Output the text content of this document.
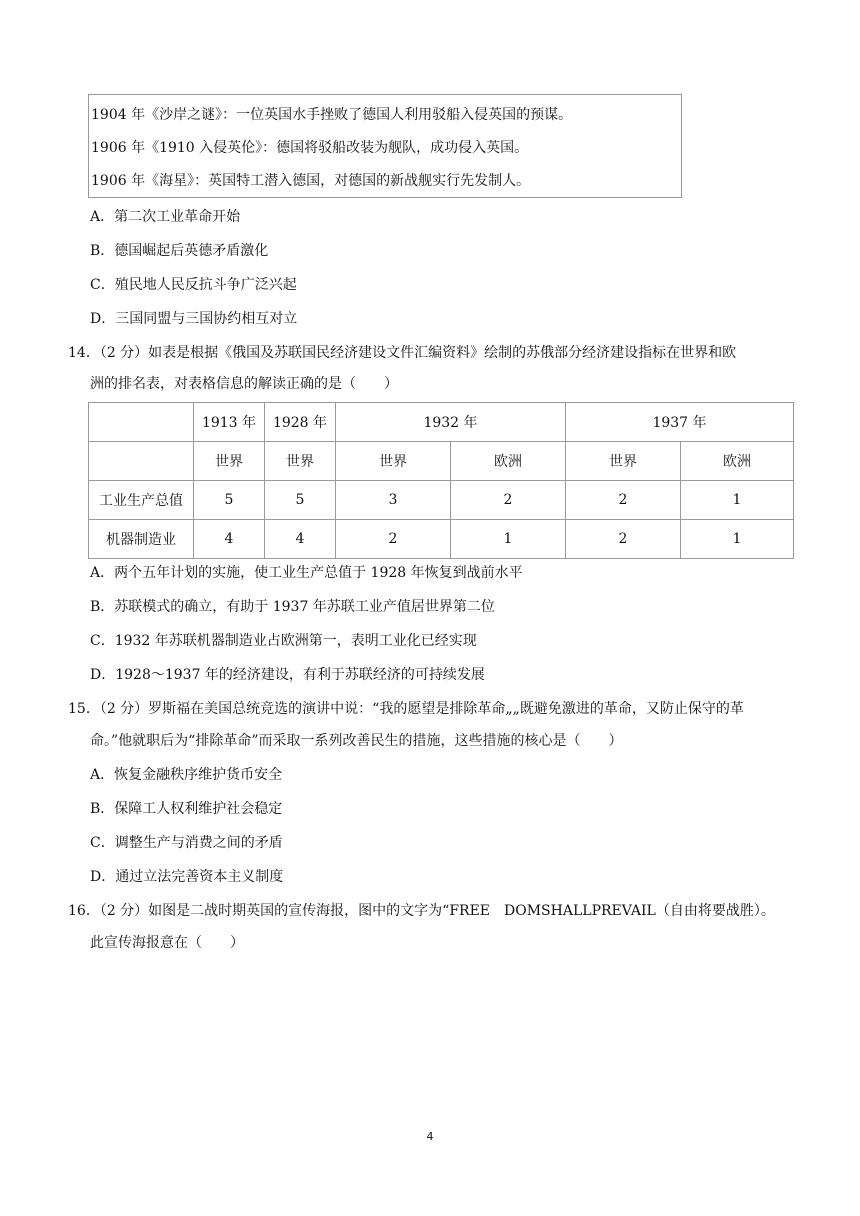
1904 年《沙岸之谜》：一位英国水手挫败了德国人利用驳船入侵英国的预谋。
1906 年《1910 入侵英伦》：德国将驳船改装为舰队，成功侵入英国。
1906 年《海星》：英国特工潜入德国，对德国的新战舰实行先发制人。
A．第二次工业革命开始
B．德国崛起后英德矛盾激化
C．殖民地人民反抗斗争广泛兴起
D．三国同盟与三国协约相互对立
14．（2 分）如表是根据《俄国及苏联国民经济建设文件汇编资料》绘制的苏俄部分经济建设指标在世界和欧
洲的排名表，对表格信息的解读正确的是（　　）
	1913 年	1928 年	1932 年		1937 年	
	世界	世界	世界	欧洲	世界	欧洲
工业生产总值	5	5	3	2	2	1
机器制造业	4	4	2	1	2	1
A．两个五年计划的实施，使工业生产总值于 1928 年恢复到战前水平
B．苏联模式的确立，有助于 1937 年苏联工业产值居世界第二位
C．1932 年苏联机器制造业占欧洲第一，表明工业化已经实现
D．1928～1937 年的经济建设，有利于苏联经济的可持续发展
15．（2 分）罗斯福在美国总统竞选的演讲中说：“我的愿望是排除革命„„既避免激进的革命，又防止保守的革
命。”他就职后为“排除革命”而采取一系列改善民生的措施，这些措施的核心是（　　）
A．恢复金融秩序维护货币安全
B．保障工人权利维护社会稳定
C．调整生产与消费之间的矛盾
D．通过立法完善资本主义制度
16．（2 分）如图是二战时期英国的宣传海报，图中的文字为“FREE　DOMSHALLPREVAIL（自由将要战胜）。
此宣传海报意在（　　）
4
